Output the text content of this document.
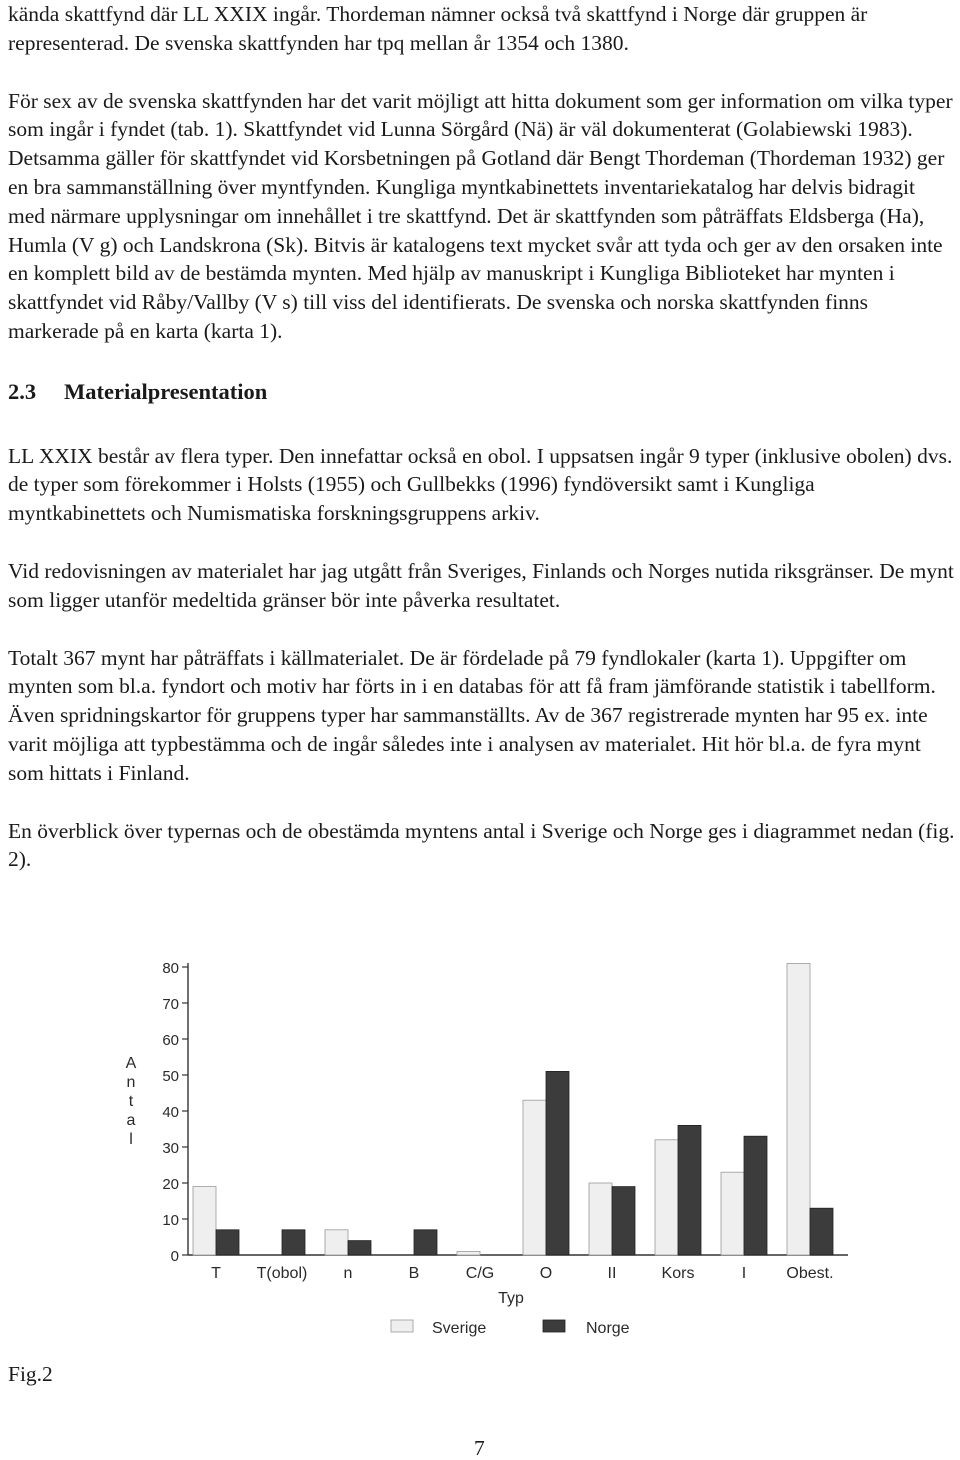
kända skattfynd där LL XXIX ingår. Thordeman nämner också två skattfynd i Norge där gruppen är representerad. De svenska skattfynden har tpq mellan år 1354 och 1380.

För sex av de svenska skattfynden har det varit möjligt att hitta dokument som ger information om vilka typer som ingår i fyndet (tab. 1). Skattfyndet vid Lunna Sörgård (Nä) är väl dokumenterat (Golabiewski 1983). Detsamma gäller för skattfyndet vid Korsbetningen på Gotland där Bengt Thordeman (Thordeman 1932) ger en bra sammanställning över myntfynden. Kungliga myntkabinettets inventariekatalog har delvis bidragit med närmare upplysningar om innehållet i tre skattfynd. Det är skattfynden som påträffats Eldsberga (Ha), Humla (V g) och Landskrona (Sk). Bitvis är katalogens text mycket svår att tyda och ger av den orsaken inte en komplett bild av de bestämda mynten. Med hjälp av manuskript i Kungliga Biblioteket har mynten i skattfyndet vid Råby/Vallby (V s) till viss del identifierats. De svenska och norska skattfynden finns markerade på en karta (karta 1).

2.3 Materialpresentation

LL XXIX består av flera typer. Den innefattar också en obol. I uppsatsen ingår 9 typer (inklusive obolen) dvs. de typer som förekommer i Holsts (1955) och Gullbekks (1996) fyndöversikt samt i Kungliga myntkabinettets och Numismatiska forskningsgruppens arkiv.

Vid redovisningen av materialet har jag utgått från Sveriges, Finlands och Norges nutida riksgränser. De mynt som ligger utanför medeltida gränser bör inte påverka resultatet.

Totalt 367 mynt har påträffats i källmaterialet. De är fördelade på 79 fyndlokaler (karta 1). Uppgifter om mynten som bl.a. fyndort och motiv har förts in i en databas för att få fram jämförande statistik i tabellform. Även spridningskartor för gruppens typer har sammanställts. Av de 367 registrerade mynten har 95 ex. inte varit möjliga att typbestämma och de ingår således inte i analysen av materialet. Hit hör bl.a. de fyra mynt som hittats i Finland.

En överblick över typernas och de obestämda myntens antal i Sverige och Norge ges i diagrammet nedan (fig. 2).

0
10
20
30
40
50
60
70
80
A
n
t
a
l
T T(obol) n	B	C/G	O	II	Kors	I	Obest.
Typ
Sverige	Norge
Fig.2
7
